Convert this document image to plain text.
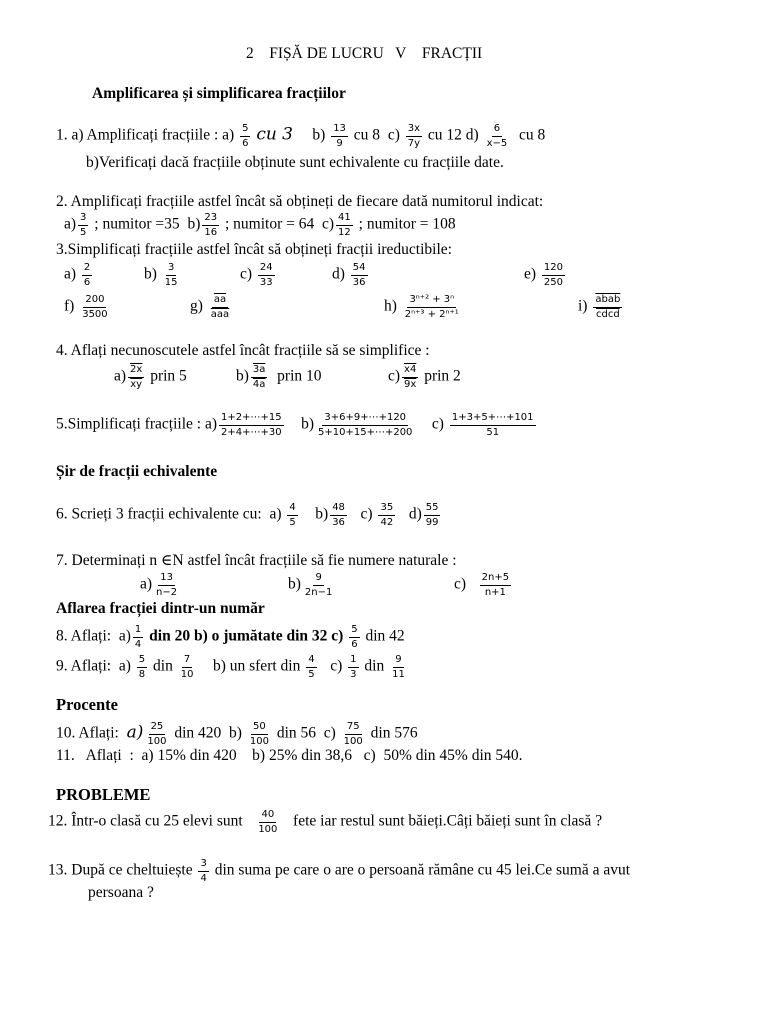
2 FIȘĂ DE LUCRU V FRACȚII
Amplificarea și simplificarea fracțiilor
1. a) Amplificați fracțiile : $a) \frac{5}{6}$ cu 3 $b) \frac{13}{9}$ cu 8 $c) \frac{3x}{7y}$ cu 12 $d) \frac{6}{x-5}$ cu 8
b)Verificați dacă fracțiile obținute sunt echivalente cu fracțiile date.
2. Amplificați fracțiile astfel încât să obțineți de fiecare dată numitorul indicat:
$a) \frac{3}{5}$ ; numitor =35 $b) \frac{23}{16}$ ; numitor = 64 $c) \frac{41}{12}$ ; numitor = 108
3.Simplificați fracțiile astfel încât să obțineți fracții ireductibile:
$a) \frac{2}{6}$	$b) \frac{3}{15}$	$c) \frac{24}{33}$	$d) \frac{54}{36}$	$e) \frac{120}{250}$
$f) \frac{200}{3500}$	$g) \frac{\overline{aa}}{\text{aaa}}$	$h) \frac{\text{3ⁿ⁺² + 3ⁿ}}{\text{2ⁿ⁺³ + 2ⁿ⁺¹}}$	$i) \frac{\text{abab}}{\text{cdcd}}$
4. Aflați necunoscutele astfel încât fracțiile să se simplifice :
$a) \frac{2x}{xy}$ prin 5	$b) \frac{3a}{4a}$ prin 10	$c) \frac{x4}{9x}$ prin 2
5.Simplificați fracțiile : $a) \frac{1+2+\cdots+15}{2+4+\cdots+30} b) \frac{3+6+9+\cdots+120}{5+10+15+\cdots+200} c) \frac{1+3+5+\cdots+101}{51}$
Șir de fracții echivalente
6. Scrieți 3 fracții echivalente cu: $a) \frac{4}{5} b) \frac{48}{36} c) \frac{35}{42} d) \frac{55}{99}$
7. Determinați n ∈N astfel încât fracțiile să fie numere naturale :
$a) \frac{13}{n-2}$	$b) \frac{9}{2n-1}$	$c) \frac{2n+5}{n+1}$
Aflarea fracției dintr-un număr
8. Aflați: $a) \frac{1}{4}$ din 20 b) o jumătate din 32 $c) \frac{5}{6}$ din 42
9. Aflați: $a) \frac{5}{8}$ din $\frac{7}{10} b$) un sfert din $\frac{4}{5} c) \frac{1}{3}$ din $\frac{9}{11}$
Procente
10. Aflați: $a) \frac{25}{100}$ din 420 $b) \frac{50}{100}$ din 56 $c) \frac{75}{100}$ din 576
11.   Aflați  :  a) 15% din 420    b) 25% din 38,6   c)  50% din 45% din 540.
PROBLEME
12. Într-o clasă cu 25 elevi sunt $\frac{40}{100}$ fete iar restul sunt băieți.Câți băieți sunt în clasă ?
13. După ce cheltuiește $\frac{3}{4}$ din suma pe care o are o persoană rămâne cu 45 lei.Ce sumă a avut
persoana ?
